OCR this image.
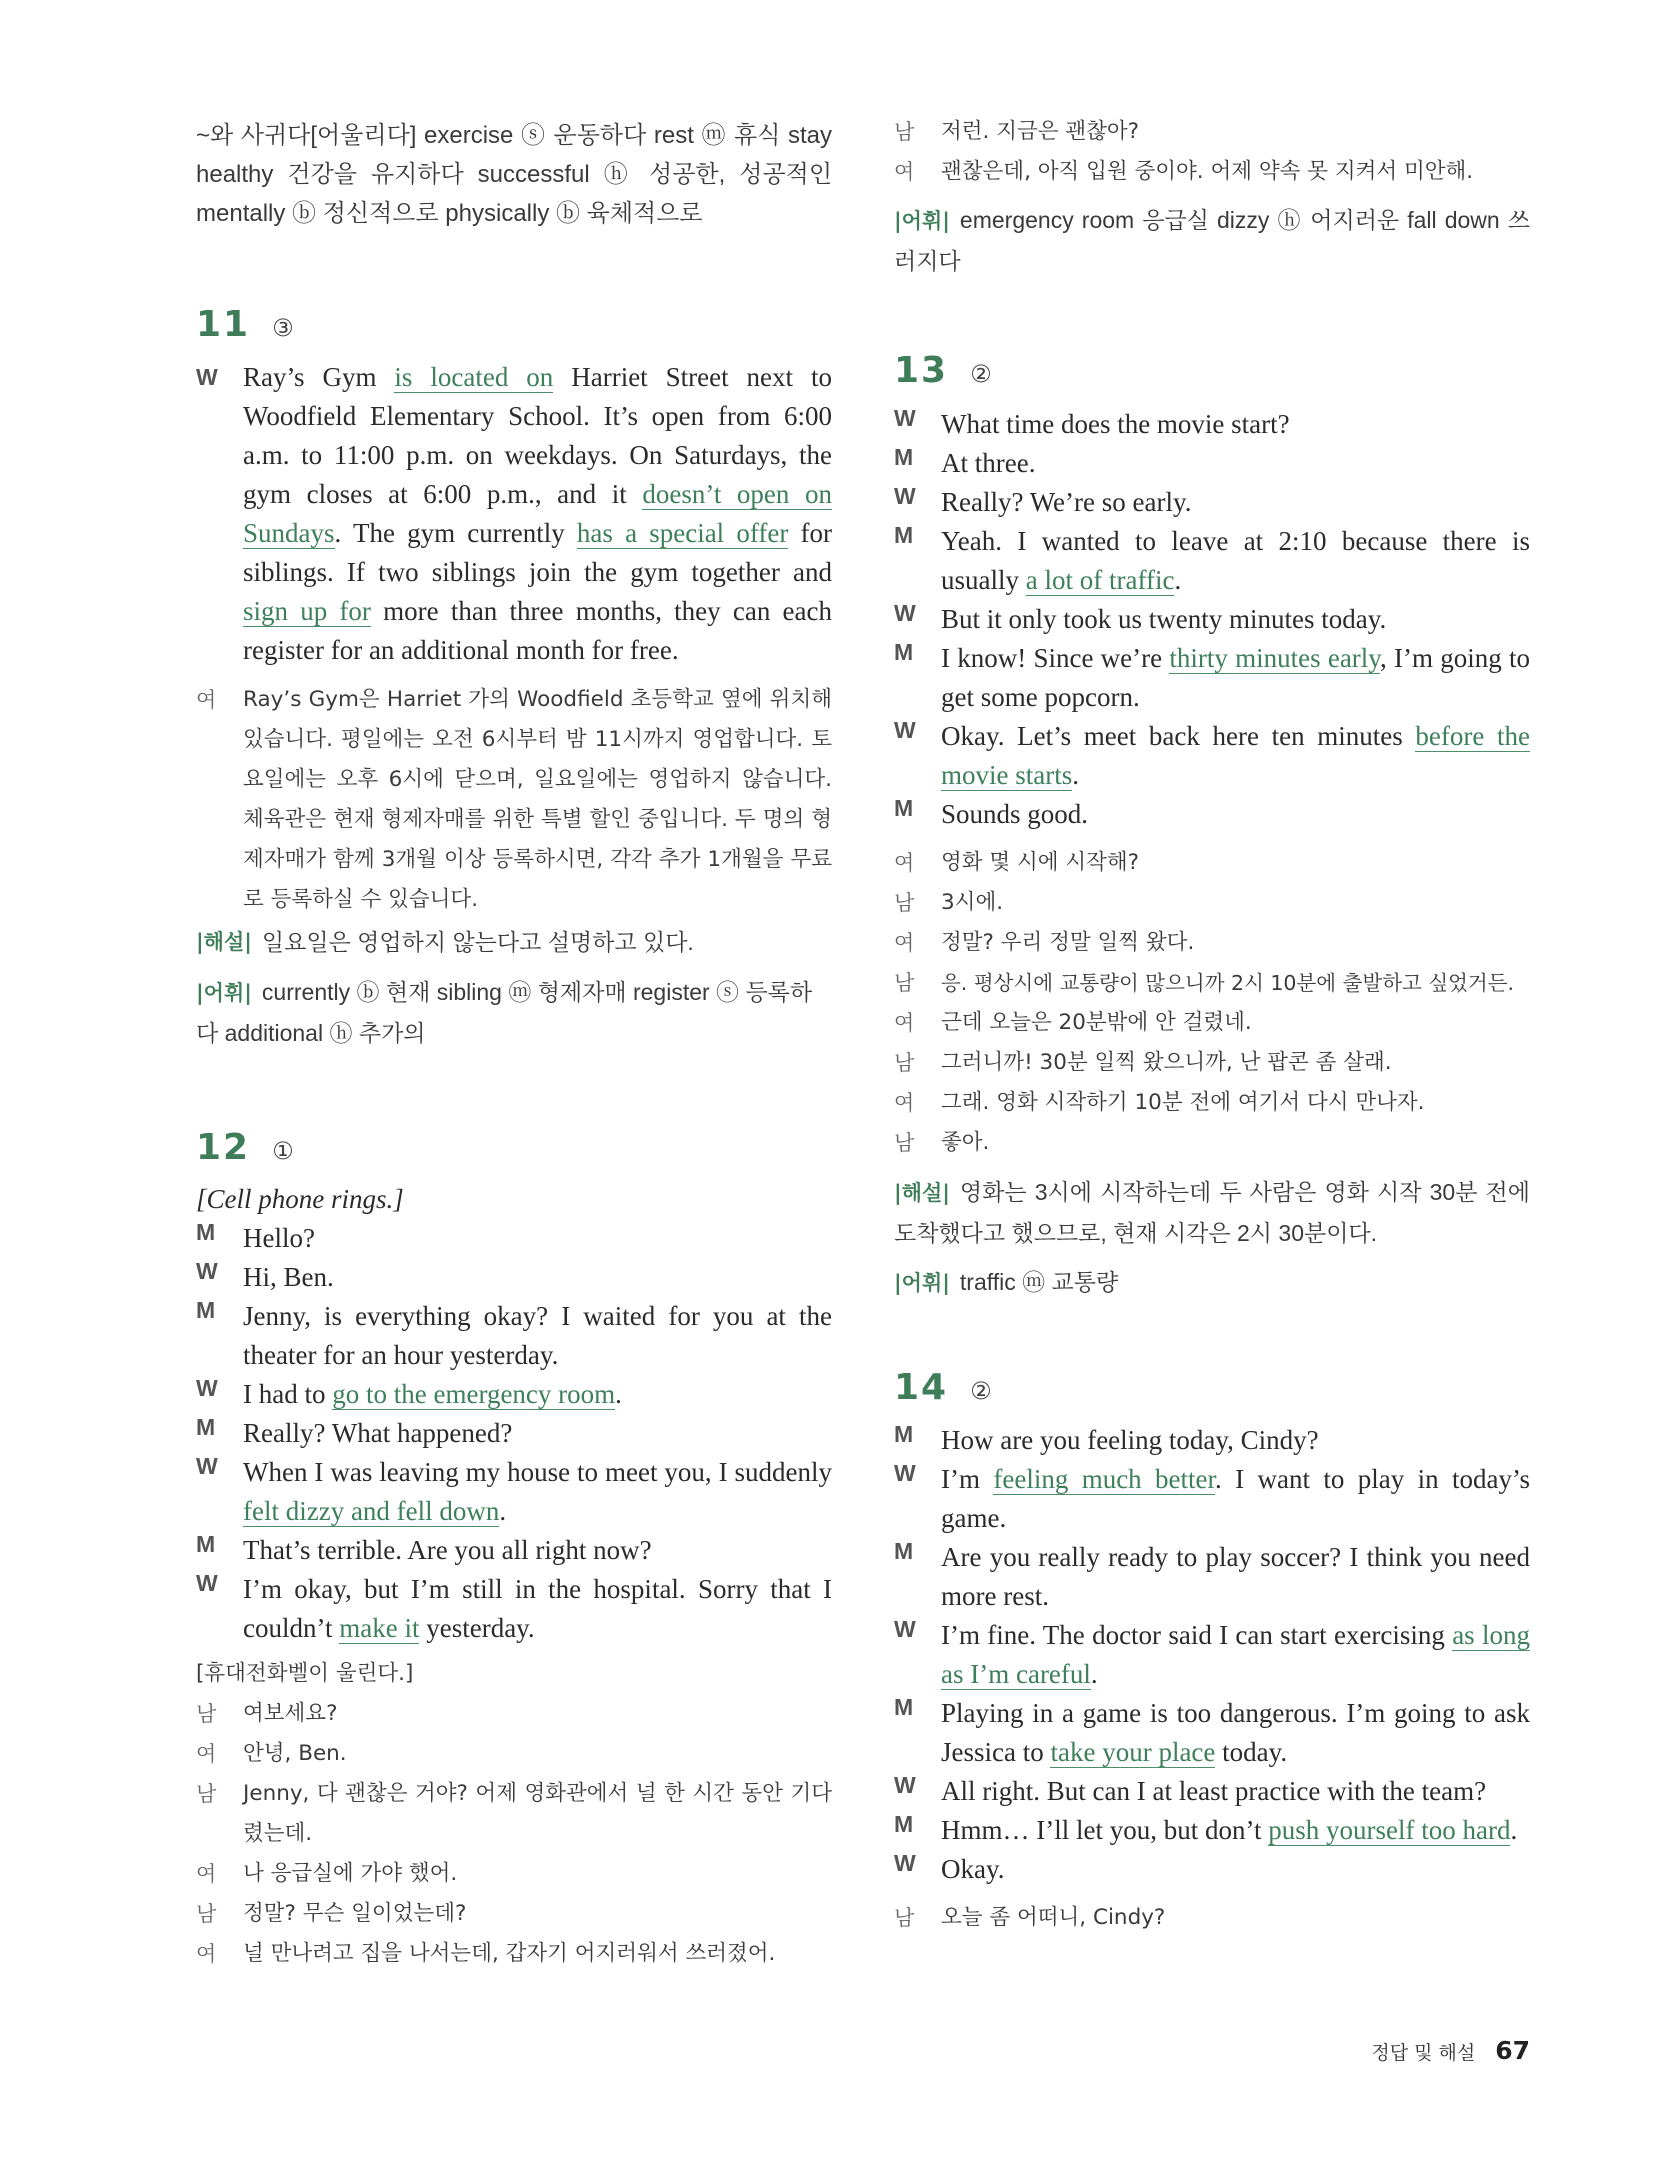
~와 사귀다[어울리다] exercise ⓢ 운동하다 rest ⓜ 휴식 stay healthy 건강을 유지하다 successful ⓗ 성공한, 성공적인 mentally ⓑ 정신적으로 physically ⓑ 육체적으로
11 ③
W Ray’s Gym is located on Harriet Street next to Woodfield Elementary School. It’s open from 6:00 a.m. to 11:00 p.m. on weekdays. On Saturdays, the gym closes at 6:00 p.m., and it doesn’t open on Sundays. The gym currently has a special offer for siblings. If two siblings join the gym together and sign up for more than three months, they can each register for an additional month for free.
여	Ray’s Gym은 Harriet 가의 Woodfield 초등학교 옆에 위치해 있습니다. 평일에는 오전 6시부터 밤 11시까지 영업합니다. 토요일에는 오후 6시에 닫으며, 일요일에는 영업하지 않습니다. 체육관은 현재 형제자매를 위한 특별 할인 중입니다. 두 명의 형제자매가 함께 3개월 이상 등록하시면, 각각 추가 1개월을 무료로 등록하실 수 있습니다.
|해설| 일요일은 영업하지 않는다고 설명하고 있다.
|어휘| currently ⓑ 현재 sibling ⓜ 형제자매 register ⓢ 등록하다 additional ⓗ 추가의
12 ①
[Cell phone rings.]
M	Hello?
W Hi, Ben.
M	Jenny, is everything okay? I waited for you at the theater for an hour yesterday.
W I had to go to the emergency room.
M	Really? What happened?
W When I was leaving my house to meet you, I suddenly felt dizzy and fell down.
M	That’s terrible. Are you all right now?
W I’m okay, but I’m still in the hospital. Sorry that I couldn’t make it yesterday.
[휴대전화벨이 울린다.]
남	여보세요?
여	안녕, Ben.
남	Jenny, 다 괜찮은 거야? 어제 영화관에서 널 한 시간 동안 기다렸는데.
여	나 응급실에 가야 했어.
남	정말? 무슨 일이었는데?
여	널 만나려고 집을 나서는데, 갑자기 어지러워서 쓰러졌어.
남	저런. 지금은 괜찮아?
여	괜찮은데, 아직 입원 중이야. 어제 약속 못 지켜서 미안해.
|어휘| emergency room 응급실 dizzy ⓗ 어지러운 fall down 쓰러지다
13 ②
W What time does the movie start?
M	At three.
W Really? We’re so early.
M	Yeah. I wanted to leave at 2:10 because there is usually a lot of traffic.
W But it only took us twenty minutes today.
M	I know! Since we’re thirty minutes early, I’m going to get some popcorn.
W Okay. Let’s meet back here ten minutes before the movie starts.
M	Sounds good.
여	영화 몇 시에 시작해?
남	3시에.
여	정말? 우리 정말 일찍 왔다.
남	응. 평상시에 교통량이 많으니까 2시 10분에 출발하고 싶었거든.
여	근데 오늘은 20분밖에 안 걸렸네.
남	그러니까! 30분 일찍 왔으니까, 난 팝콘 좀 살래.
여	그래. 영화 시작하기 10분 전에 여기서 다시 만나자.
남	좋아.
|해설| 영화는 3시에 시작하는데 두 사람은 영화 시작 30분 전에 도착했다고 했으므로, 현재 시각은 2시 30분이다.
|어휘| traffic ⓜ 교통량
14 ②
M	How are you feeling today, Cindy?
W I’m feeling much better. I want to play in today’s game.
M	Are you really ready to play soccer? I think you need more rest.
W I’m fine. The doctor said I can start exercising as long as I’m careful.
M	Playing in a game is too dangerous. I’m going to ask Jessica to take your place today.
W All right. But can I at least practice with the team?
M	Hmm… I’ll let you, but don’t push yourself too hard.
W Okay.
남	오늘 좀 어떠니, Cindy?
정답 및 해설 67
